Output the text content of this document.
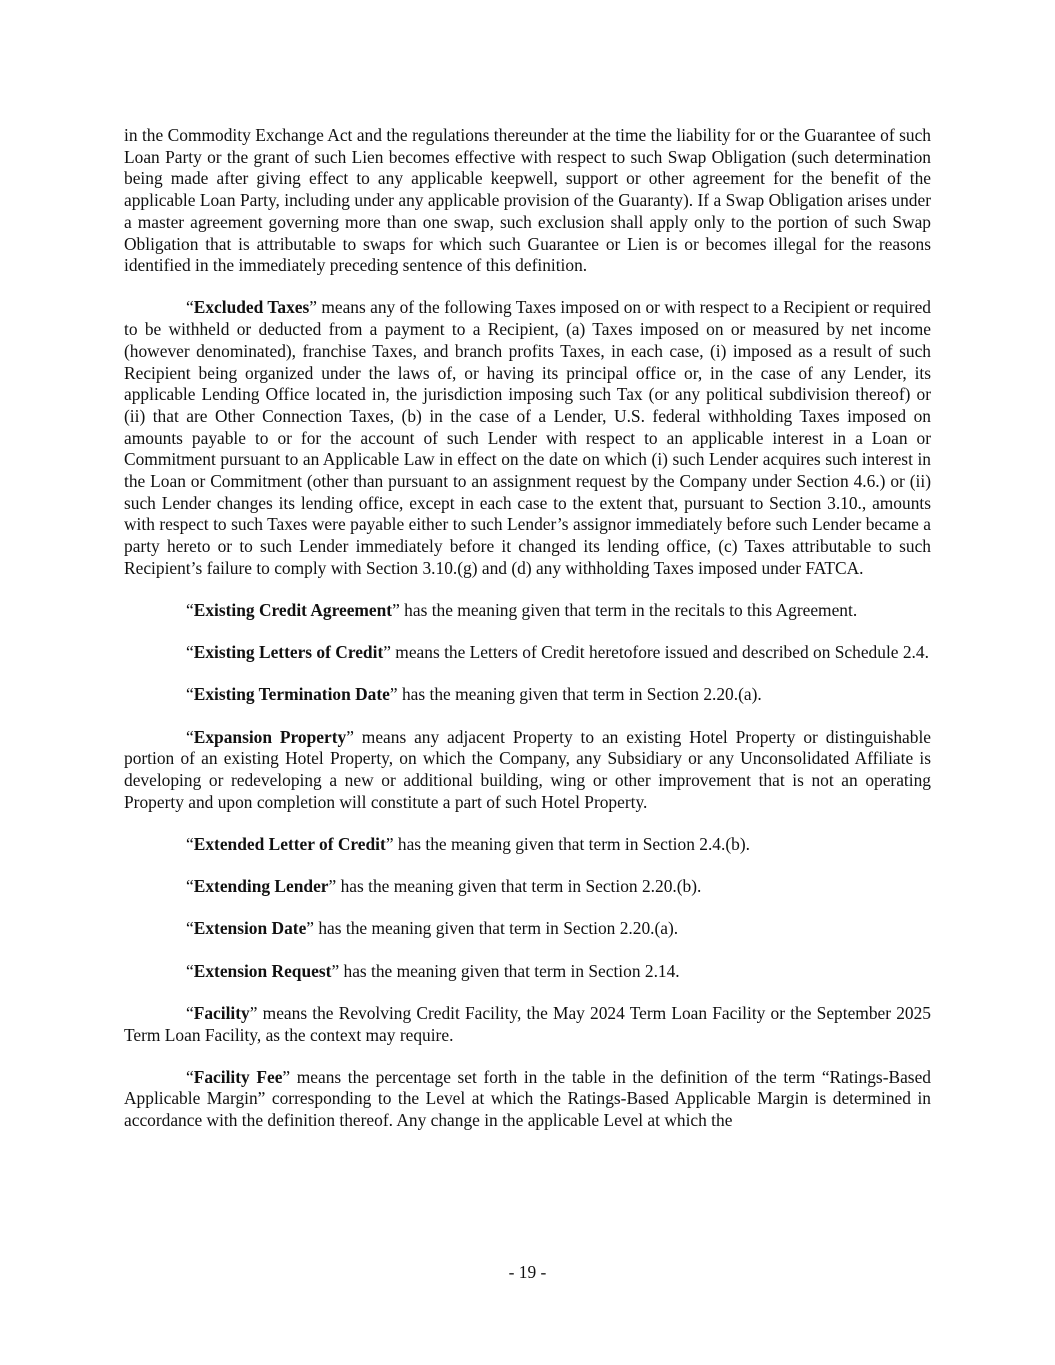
in the Commodity Exchange Act and the regulations thereunder at the time the liability for or the Guarantee of such Loan Party or the grant of such Lien becomes effective with respect to such Swap Obligation (such determination being made after giving effect to any applicable keepwell, support or other agreement for the benefit of the applicable Loan Party, including under any applicable provision of the Guaranty). If a Swap Obligation arises under a master agreement governing more than one swap, such exclusion shall apply only to the portion of such Swap Obligation that is attributable to swaps for which such Guarantee or Lien is or becomes illegal for the reasons identified in the immediately preceding sentence of this definition.

“Excluded Taxes” means any of the following Taxes imposed on or with respect to a Recipient or required to be withheld or deducted from a payment to a Recipient, (a) Taxes imposed on or measured by net income (however denominated), franchise Taxes, and branch profits Taxes, in each case, (i) imposed as a result of such Recipient being organized under the laws of, or having its principal office or, in the case of any Lender, its applicable Lending Office located in, the jurisdiction imposing such Tax (or any political subdivision thereof) or (ii) that are Other Connection Taxes, (b) in the case of a Lender, U.S. federal withholding Taxes imposed on amounts payable to or for the account of such Lender with respect to an applicable interest in a Loan or Commitment pursuant to an Applicable Law in effect on the date on which (i) such Lender acquires such interest in the Loan or Commitment (other than pursuant to an assignment request by the Company under Section 4.6.) or (ii) such Lender changes its lending office, except in each case to the extent that, pursuant to Section 3.10., amounts with respect to such Taxes were payable either to such Lender’s assignor immediately before such Lender became a party hereto or to such Lender immediately before it changed its lending office, (c) Taxes attributable to such Recipient’s failure to comply with Section 3.10.(g) and (d) any withholding Taxes imposed under FATCA.

“Existing Credit Agreement” has the meaning given that term in the recitals to this Agreement.

“Existing Letters of Credit” means the Letters of Credit heretofore issued and described on Schedule 2.4.

“Existing Termination Date” has the meaning given that term in Section 2.20.(a).

“Expansion Property” means any adjacent Property to an existing Hotel Property or distinguishable portion of an existing Hotel Property, on which the Company, any Subsidiary or any Unconsolidated Affiliate is developing or redeveloping a new or additional building, wing or other improvement that is not an operating Property and upon completion will constitute a part of such Hotel Property.

“Extended Letter of Credit” has the meaning given that term in Section 2.4.(b).

“Extending Lender” has the meaning given that term in Section 2.20.(b).

“Extension Date” has the meaning given that term in Section 2.20.(a).

“Extension Request” has the meaning given that term in Section 2.14.

“Facility” means the Revolving Credit Facility, the May 2024 Term Loan Facility or the September 2025 Term Loan Facility, as the context may require.

“Facility Fee” means the percentage set forth in the table in the definition of the term “Ratings-Based Applicable Margin” corresponding to the Level at which the Ratings-Based Applicable Margin is determined in accordance with the definition thereof. Any change in the applicable Level at which the

- 19 -
